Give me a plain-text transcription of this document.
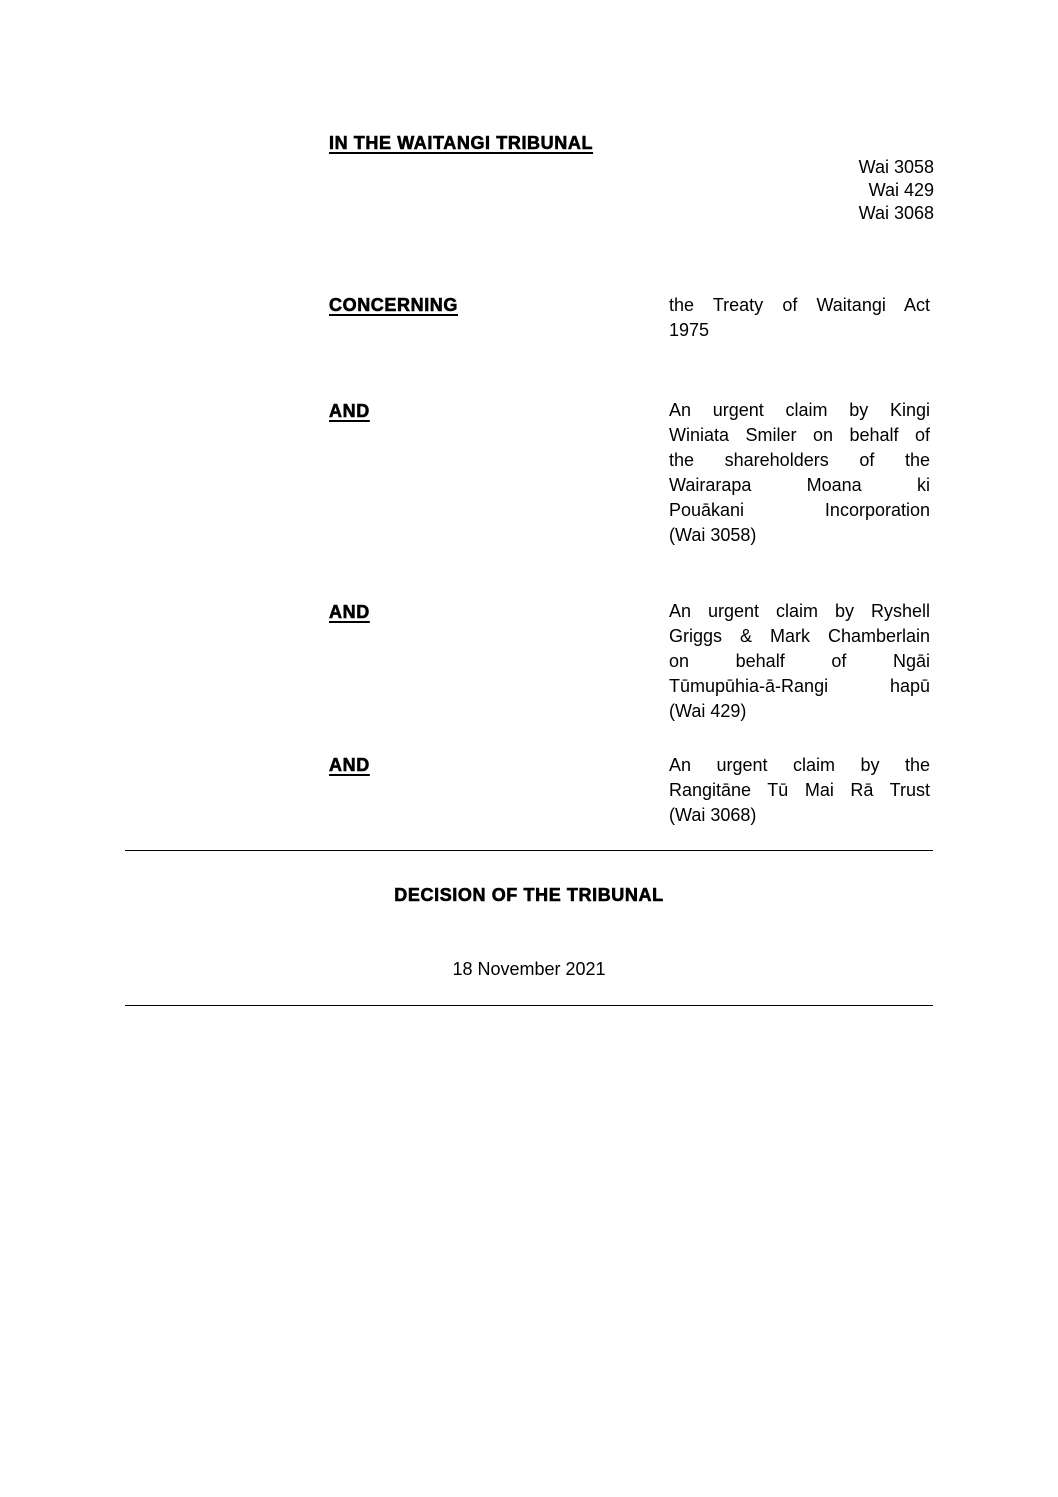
IN THE WAITANGI TRIBUNAL
Wai 3058
Wai 429
Wai 3068
CONCERNING	the Treaty of Waitangi Act
1975
AND	An urgent claim by Kingi
Winiata Smiler on behalf of
the shareholders of the
Wairarapa Moana ki
Pouākani Incorporation
(Wai 3058)
AND	An urgent claim by Ryshell
Griggs & Mark Chamberlain
on behalf of Ngāi
Tūmupūhia-ā-Rangi hapū
(Wai 429)
AND	An urgent claim by the
Rangitāne Tū Mai Rā Trust
(Wai 3068)
DECISION OF THE TRIBUNAL
18 November 2021
